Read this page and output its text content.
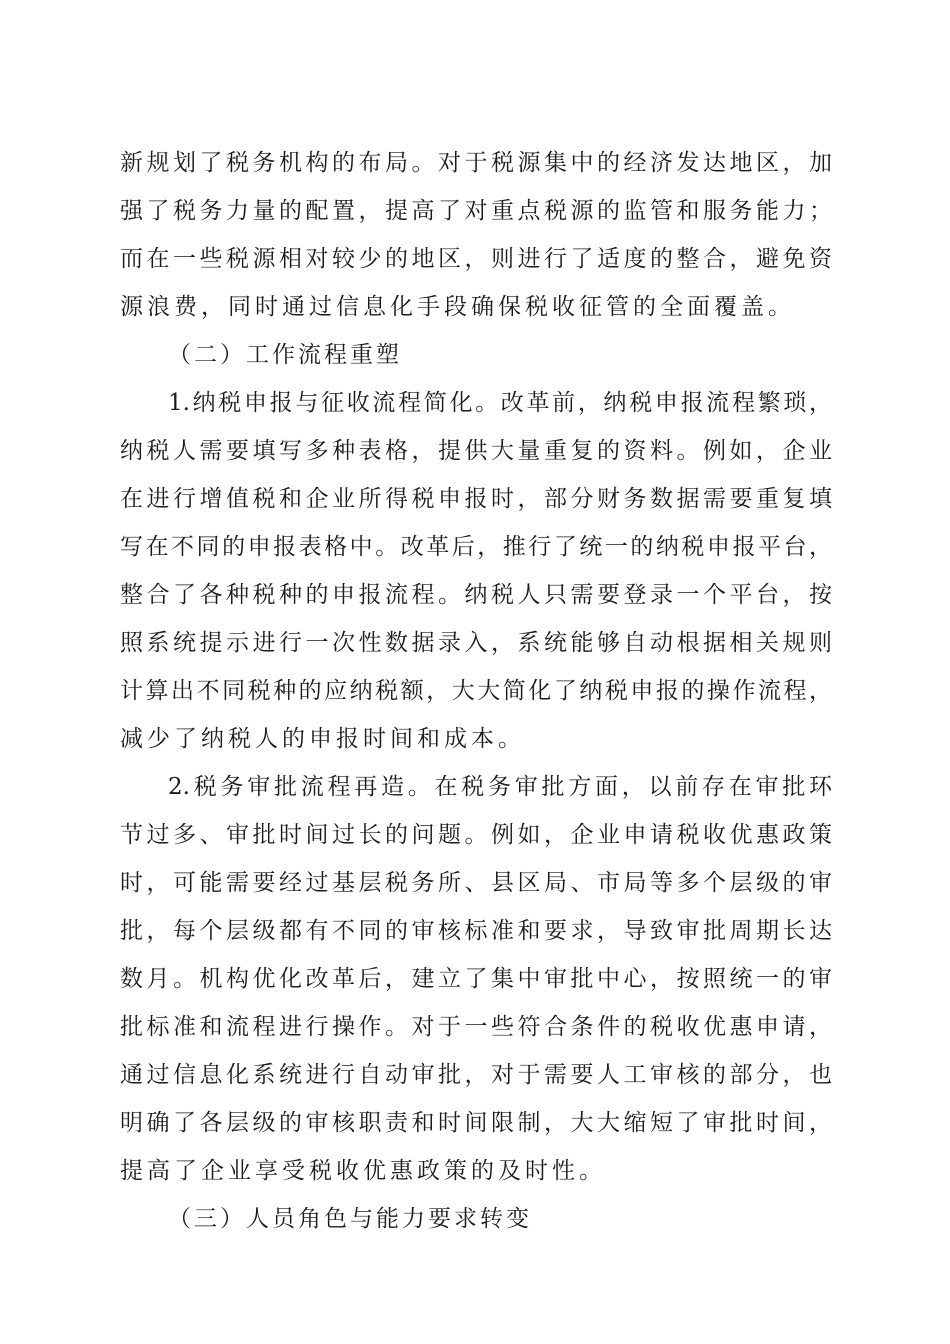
新规划了税务机构的布局。对于税源集中的经济发达地区，加
强了税务力量的配置，提高了对重点税源的监管和服务能力；
而在一些税源相对较少的地区，则进行了适度的整合，避免资
源浪费，同时通过信息化手段确保税收征管的全面覆盖。
（二）工作流程重塑
1.纳税申报与征收流程简化。改革前，纳税申报流程繁琐，
纳税人需要填写多种表格，提供大量重复的资料。例如，企业
在进行增值税和企业所得税申报时，部分财务数据需要重复填
写在不同的申报表格中。改革后，推行了统一的纳税申报平台，
整合了各种税种的申报流程。纳税人只需要登录一个平台，按
照系统提示进行一次性数据录入，系统能够自动根据相关规则
计算出不同税种的应纳税额，大大简化了纳税申报的操作流程，
减少了纳税人的申报时间和成本。
2.税务审批流程再造。在税务审批方面，以前存在审批环
节过多、审批时间过长的问题。例如，企业申请税收优惠政策
时，可能需要经过基层税务所、县区局、市局等多个层级的审
批，每个层级都有不同的审核标准和要求，导致审批周期长达
数月。机构优化改革后，建立了集中审批中心，按照统一的审
批标准和流程进行操作。对于一些符合条件的税收优惠申请，
通过信息化系统进行自动审批，对于需要人工审核的部分，也
明确了各层级的审核职责和时间限制，大大缩短了审批时间，
提高了企业享受税收优惠政策的及时性。
（三）人员角色与能力要求转变
